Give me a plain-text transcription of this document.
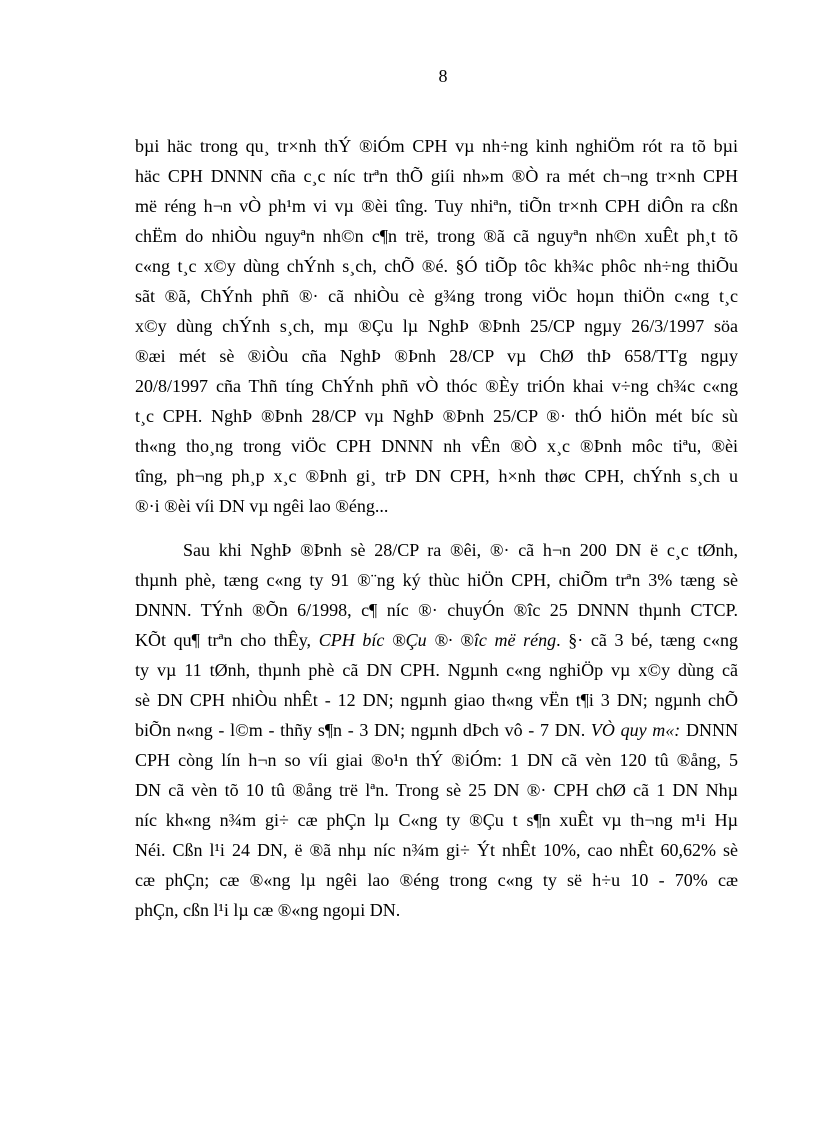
8
bµi häc trong qu¸ tr×nh thÝ ®iÓm CPH vµ nh÷ng kinh nghiÖm rót ra tõ bµi
häc CPH DNNN cña c¸c níc trªn thÕ giíi nh»m ®Ò ra mét ch¬ng tr×nh CPH
më réng h¬n vÒ ph¹m vi vµ ®èi tîng. Tuy nhiªn, tiÕn tr×nh CPH diÔn ra cßn
chËm do nhiÒu nguyªn nh©n c¶n trë, trong ®ã cã nguyªn nh©n xuÊt ph¸t tõ
c«ng t¸c x©y dùng chÝnh s¸ch, chÕ ®é. §Ó tiÕp tôc kh¾c phôc nh÷ng thiÕu
sãt ®ã, ChÝnh phñ ®· cã nhiÒu cè g¾ng trong viÖc hoµn thiÖn c«ng t¸c
x©y dùng chÝnh s¸ch, mµ ®Çu lµ NghÞ ®Þnh 25/CP ngµy 26/3/1997 söa
®æi mét sè ®iÒu cña NghÞ ®Þnh 28/CP vµ ChØ thÞ 658/TTg ngµy
20/8/1997 cña Thñ tíng ChÝnh phñ vÒ thóc ®Èy triÓn khai v÷ng ch¾c c«ng
t¸c CPH. NghÞ ®Þnh 28/CP vµ NghÞ ®Þnh 25/CP ®· thÓ hiÖn mét bíc sù
th«ng tho¸ng trong viÖc CPH DNNN nh vÊn ®Ò x¸c ®Þnh môc tiªu, ®èi
tîng, ph¬ng ph¸p x¸c ®Þnh gi¸ trÞ DN CPH, h×nh thøc CPH, chÝnh s¸ch u
®·i ®èi víi DN vµ ngêi lao ®éng...
Sau khi NghÞ ®Þnh sè 28/CP ra ®êi, ®· cã h¬n 200 DN ë c¸c tØnh,
thµnh phè, tæng c«ng ty 91 ®¨ng ký thùc hiÖn CPH, chiÕm trªn 3% tæng sè
DNNN. TÝnh ®Õn 6/1998, c¶ níc ®· chuyÓn ®îc 25 DNNN thµnh CTCP.
KÕt qu¶ trªn cho thÊy, CPH bíc ®Çu ®· ®îc më réng. §· cã 3 bé, tæng c«ng
ty vµ 11 tØnh, thµnh phè cã DN CPH. Ngµnh c«ng nghiÖp vµ x©y dùng cã
sè DN CPH nhiÒu nhÊt - 12 DN; ngµnh giao th«ng vËn t¶i 3 DN; ngµnh chÕ
biÕn n«ng - l©m - thñy s¶n - 3 DN; ngµnh dÞch vô - 7 DN. VÒ quy m«: DNNN
CPH còng lín h¬n so víi giai ®o¹n thÝ ®iÓm: 1 DN cã vèn 120 tû ®ång, 5
DN cã vèn tõ 10 tû ®ång trë lªn. Trong sè 25 DN ®· CPH chØ cã 1 DN Nhµ
níc kh«ng n¾m gi÷ cæ phÇn lµ C«ng ty ®Çu t s¶n xuÊt vµ th¬ng m¹i Hµ
Néi. Cßn l¹i 24 DN, ë ®ã nhµ níc n¾m gi÷ Ýt nhÊt 10%, cao nhÊt 60,62% sè
cæ phÇn; cæ ®«ng lµ ngêi lao ®éng trong c«ng ty së h÷u 10 - 70% cæ
phÇn, cßn l¹i lµ cæ ®«ng ngoµi DN.
